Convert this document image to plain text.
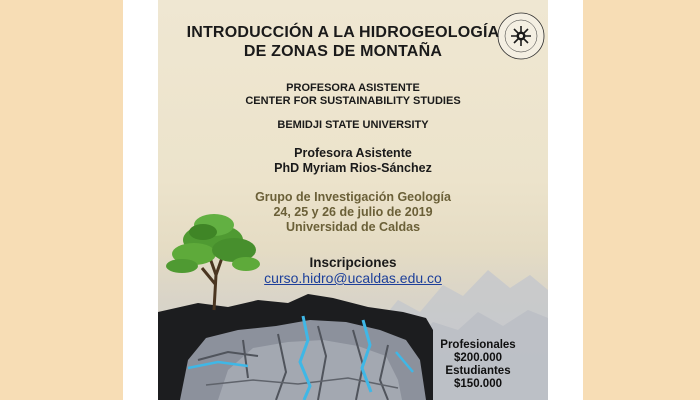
INTRODUCCIÓN A LA HIDROGEOLOGÍA
DE ZONAS DE MONTAÑA
PROFESORA ASISTENTE
CENTER FOR SUSTAINABILITY STUDIES
BEMIDJI STATE UNIVERSITY
Profesora Asistente
PhD Myriam Rios-Sánchez
Grupo de Investigación Geología
24, 25 y 26 de julio de 2019
Universidad de Caldas
Inscripciones
curso.hidro@ucaldas.edu.co
Profesionales
$200.000
Estudiantes
$150.000
